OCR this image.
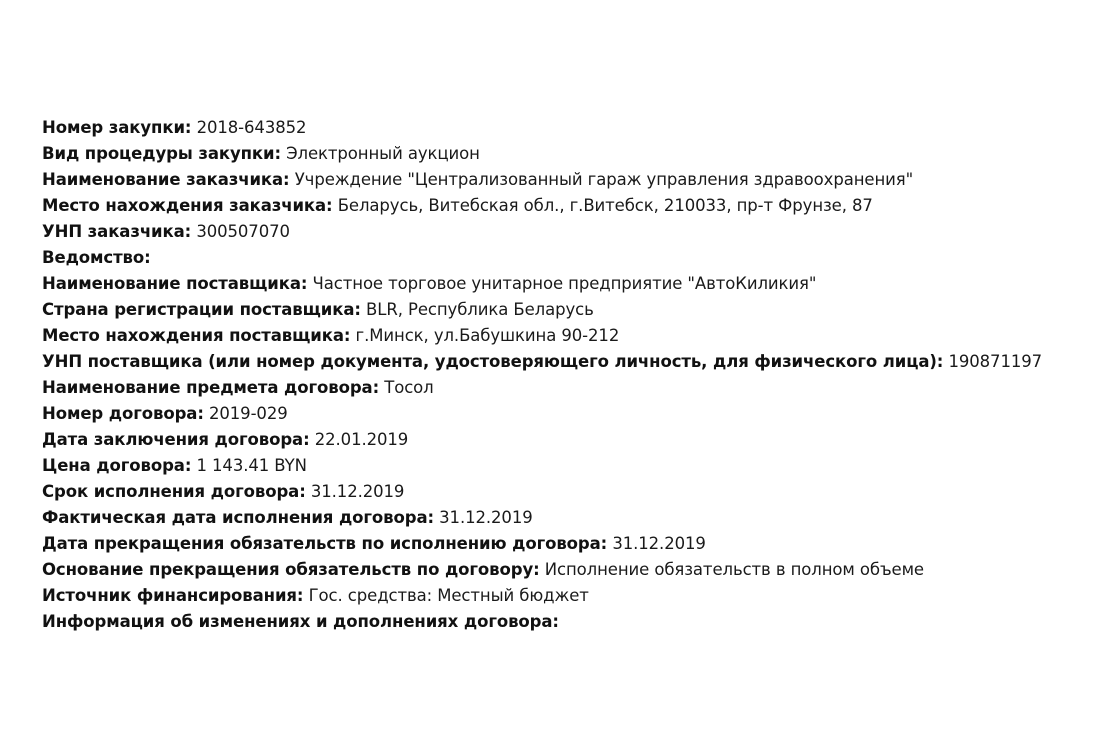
Номер закупки: 2018-643852
Вид процедуры закупки: Электронный аукцион
Наименование заказчика: Учреждение "Централизованный гараж управления здравоохранения"
Место нахождения заказчика: Беларусь, Витебская обл., г.Витебск, 210033, пр-т Фрунзе, 87
УНП заказчика: 300507070
Ведомство:
Наименование поставщика: Частное торговое унитарное предприятие "АвтоКиликия"
Страна регистрации поставщика: BLR, Республика Беларусь
Место нахождения поставщика: г.Минск, ул.Бабушкина 90-212
УНП поставщика (или номер документа, удостоверяющего личность, для физического лица): 190871197
Наименование предмета договора: Тосол
Номер договора: 2019-029
Дата заключения договора: 22.01.2019
Цена договора: 1 143.41 BYN
Срок исполнения договора: 31.12.2019
Фактическая дата исполнения договора: 31.12.2019
Дата прекращения обязательств по исполнению договора: 31.12.2019
Основание прекращения обязательств по договору: Исполнение обязательств в полном объеме
Источник финансирования: Гос. средства: Местный бюджет
Информация об изменениях и дополнениях договора:
